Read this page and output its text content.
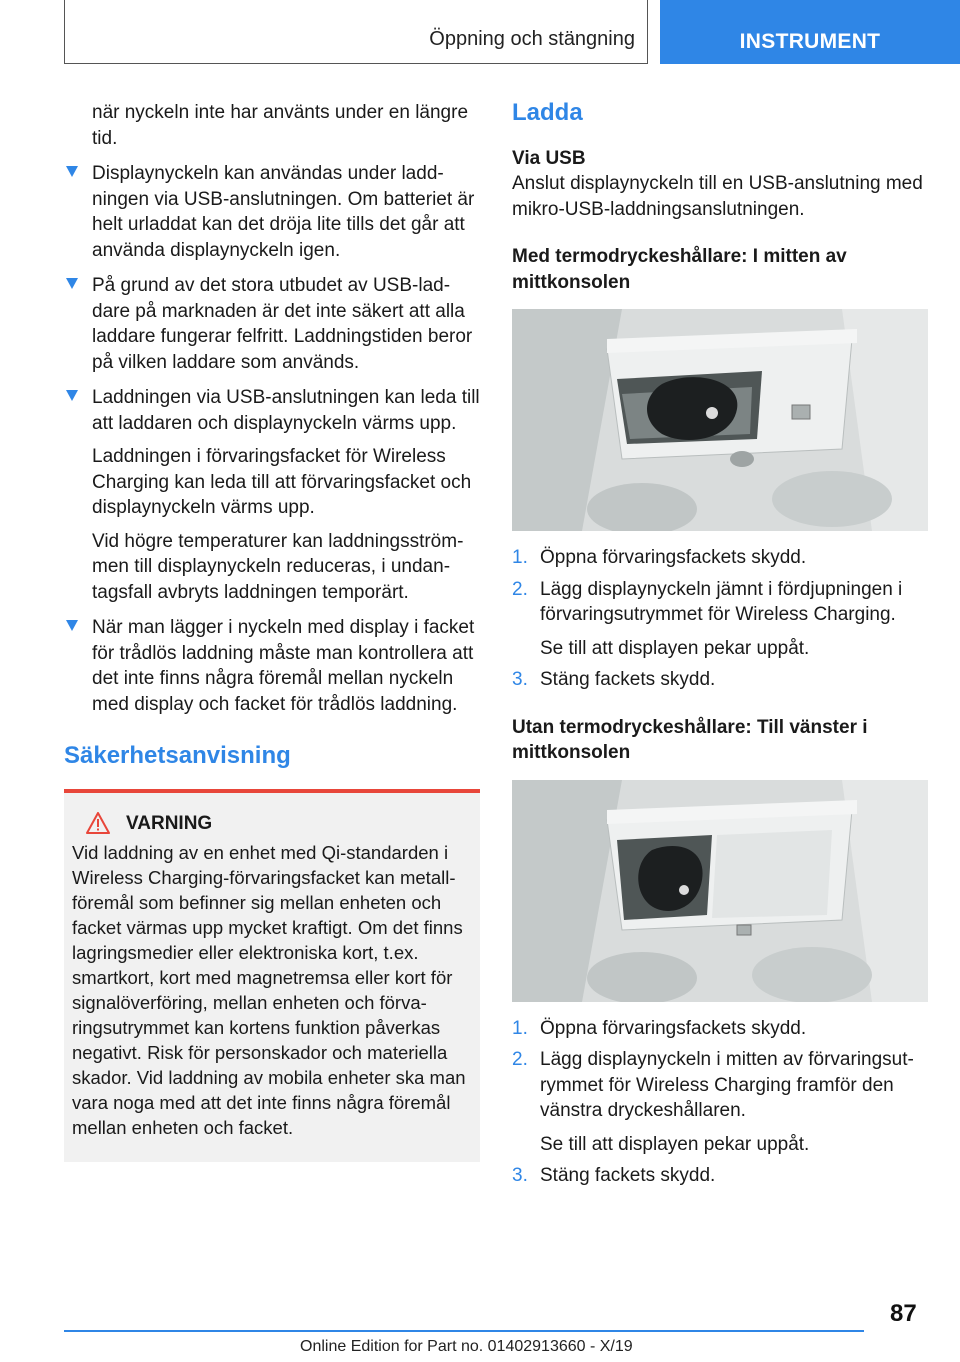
Öppning och stängning	INSTRUMENT

när nyckeln inte har använts under en längre tid.

Displaynyckeln kan användas under laddningen via USB-anslutningen. Om batteriet är helt urladdat kan det dröja lite tills det går att använda displaynyckeln igen.

På grund av det stora utbudet av USB-laddare på marknaden är det inte säkert att alla laddare fungerar felfritt. Laddningstiden beror på vilken laddare som används.

Laddningen via USB-anslutningen kan leda till att laddaren och displaynyckeln värms upp.

Laddningen i förvaringsfacket för Wireless Charging kan leda till att förvaringsfacket och displaynyckeln värms upp.

Vid högre temperaturer kan laddningsströmmen till displaynyckeln reduceras, i undantagsfall avbryts laddningen temporärt.

När man lägger i nyckeln med display i facket för trådlös laddning måste man kontrollera att det inte finns några föremål mellan nyckeln med display och facket för trådlös laddning.

Säkerhetsanvisning
VARNING

Vid laddning av en enhet med Qi-standarden i Wireless Charging-förvaringsfacket kan metallföremål som befinner sig mellan enheten och facket värmas upp mycket kraftigt. Om det finns lagringsmedier eller elektroniska kort, t.ex. smartkort, kort med magnetremsa eller kort för signalöverföring, mellan enheten och förvaringsutrymmet kan kortens funktion påverkas negativt. Risk för personskador och materiella skador. Vid laddning av mobila enheter ska man vara noga med att det inte finns några föremål mellan enheten och facket.

Ladda

Via USB

Anslut displaynyckeln till en USB-anslutning med mikro-USB-laddningsanslutningen.

Med termodryckeshållare: I mitten av mittkonsolen

1. Öppna förvaringsfackets skydd.

2. Lägg displaynyckeln jämnt i fördjupningen i förvaringsutrymmet för Wireless Charging.

Se till att displayen pekar uppåt.

3. Stäng fackets skydd.

Utan termodryckeshållare: Till vänster i mittkonsolen

1. Öppna förvaringsfackets skydd.

2. Lägg displaynyckeln i mitten av förvaringsutrymmet för Wireless Charging framför den vänstra dryckeshållaren.

Se till att displayen pekar uppåt.

3. Stäng fackets skydd.

87
Online Edition for Part no. 01402913660 - X/19
